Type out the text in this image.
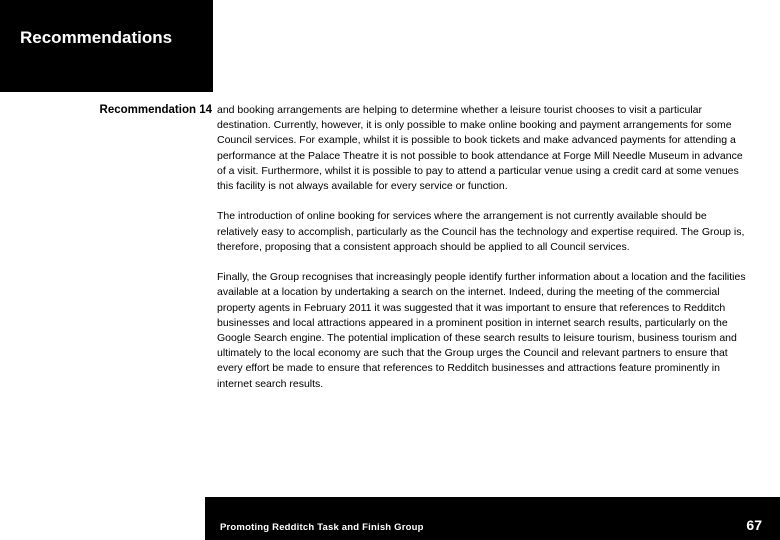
Recommendations
Recommendation 14 and booking arrangements are helping to determine whether a leisure tourist chooses to visit a particular destination. Currently, however, it is only possible to make online booking and payment arrangements for some Council services. For example, whilst it is possible to book tickets and make advanced payments for attending a performance at the Palace Theatre it is not possible to book attendance at Forge Mill Needle Museum in advance of a visit. Furthermore, whilst it is possible to pay to attend a particular venue using a credit card at some venues this facility is not always available for every service or function.

The introduction of online booking for services where the arrangement is not currently available should be relatively easy to accomplish, particularly as the Council has the technology and expertise required. The Group is, therefore, proposing that a consistent approach should be applied to all Council services.

Finally, the Group recognises that increasingly people identify further information about a location and the facilities available at a location by undertaking a search on the internet. Indeed, during the meeting of the commercial property agents in February 2011 it was suggested that it was important to ensure that references to Redditch businesses and local attractions appeared in a prominent position in internet search results, particularly on the Google Search engine. The potential implication of these search results to leisure tourism, business tourism and ultimately to the local economy are such that the Group urges the Council and relevant partners to ensure that every effort be made to ensure that references to Redditch businesses and attractions feature prominently in internet search results.

Promoting Redditch Task and Finish Group	67
